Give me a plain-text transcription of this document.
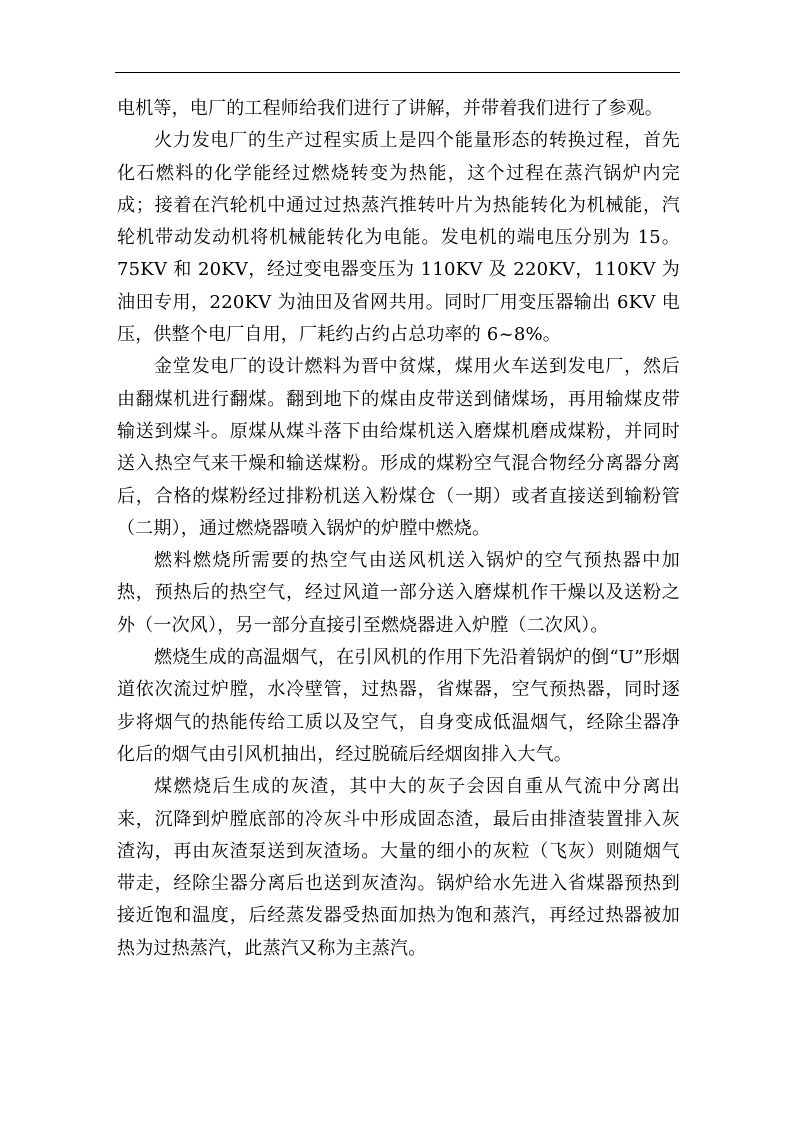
电机等，电厂的工程师给我们进行了讲解，并带着我们进行了参观。

火力发电厂的生产过程实质上是四个能量形态的转换过程，首先化石燃料的化学能经过燃烧转变为热能，这个过程在蒸汽锅炉内完成；接着在汽轮机中通过过热蒸汽推转叶片为热能转化为机械能，汽轮机带动发动机将机械能转化为电能。发电机的端电压分别为 15。75KV 和 20KV，经过变电器变压为 110KV 及 220KV，110KV 为油田专用，220KV 为油田及省网共用。同时厂用变压器输出 6KV 电压，供整个电厂自用，厂耗约占约占总功率的 6~8%。

金堂发电厂的设计燃料为晋中贫煤，煤用火车送到发电厂，然后由翻煤机进行翻煤。翻到地下的煤由皮带送到储煤场，再用输煤皮带输送到煤斗。原煤从煤斗落下由给煤机送入磨煤机磨成煤粉，并同时送入热空气来干燥和输送煤粉。形成的煤粉空气混合物经分离器分离后，合格的煤粉经过排粉机送入粉煤仓（一期）或者直接送到输粉管（二期），通过燃烧器喷入锅炉的炉膛中燃烧。

燃料燃烧所需要的热空气由送风机送入锅炉的空气预热器中加热，预热后的热空气，经过风道一部分送入磨煤机作干燥以及送粉之外（一次风），另一部分直接引至燃烧器进入炉膛（二次风）。

燃烧生成的高温烟气，在引风机的作用下先沿着锅炉的倒“U”形烟道依次流过炉膛，水冷壁管，过热器，省煤器，空气预热器，同时逐步将烟气的热能传给工质以及空气，自身变成低温烟气，经除尘器净化后的烟气由引风机抽出，经过脱硫后经烟囱排入大气。

煤燃烧后生成的灰渣，其中大的灰子会因自重从气流中分离出来，沉降到炉膛底部的冷灰斗中形成固态渣，最后由排渣装置排入灰渣沟，再由灰渣泵送到灰渣场。大量的细小的灰粒（飞灰）则随烟气带走，经除尘器分离后也送到灰渣沟。锅炉给水先进入省煤器预热到接近饱和温度，后经蒸发器受热面加热为饱和蒸汽，再经过热器被加热为过热蒸汽，此蒸汽又称为主蒸汽。
